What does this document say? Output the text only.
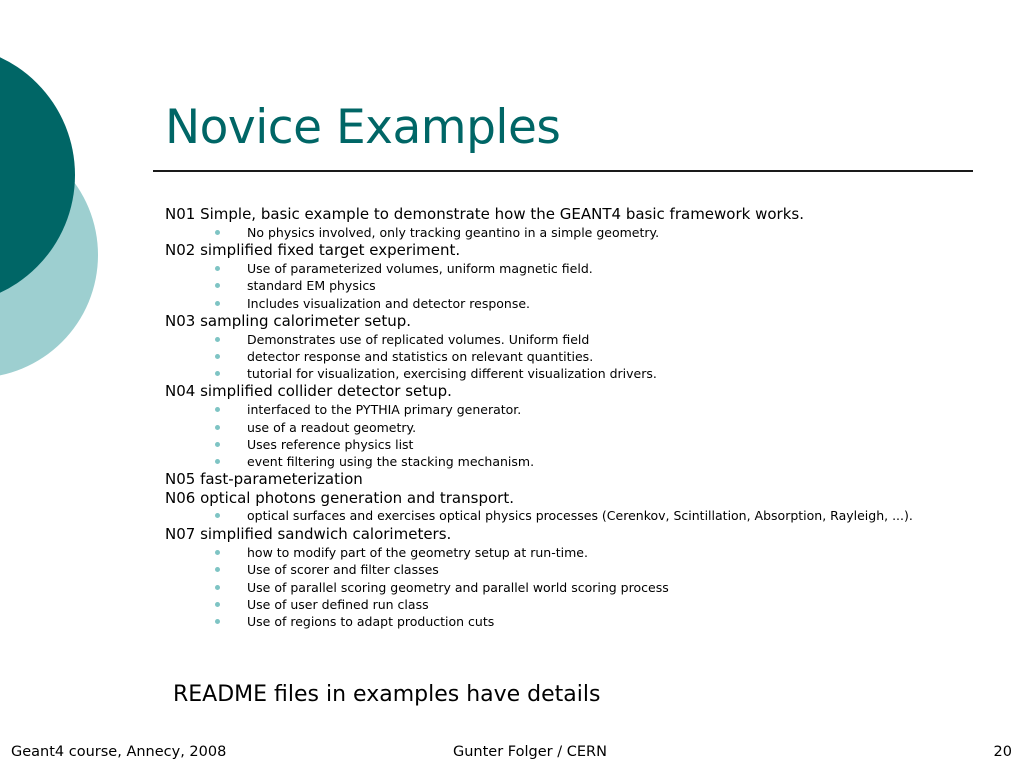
Novice Examples
N01 Simple, basic example to demonstrate how the GEANT4 basic framework works.
No physics involved, only tracking geantino in a simple geometry.
N02 simplified fixed target experiment.
Use of parameterized volumes, uniform magnetic field.
standard EM physics
Includes visualization and detector response.
N03 sampling calorimeter setup.
Demonstrates use of replicated volumes. Uniform field
detector response and statistics on relevant quantities.
tutorial for visualization, exercising different visualization drivers.
N04 simplified collider detector setup.
interfaced to the PYTHIA primary generator.
use of a readout geometry.
Uses reference physics list
event filtering using the stacking mechanism.
N05 fast-parameterization
N06 optical photons generation and transport.
optical surfaces and exercises optical physics processes (Cerenkov, Scintillation, Absorption, Rayleigh, ...).
N07 simplified sandwich calorimeters.
how to modify part of the geometry setup at run-time.
Use of scorer and filter classes
Use of parallel scoring geometry and parallel world scoring process
Use of user defined run class
Use of regions to adapt production cuts

README files in examples have details

Geant4 course, Annecy, 2008	Gunter Folger / CERN	20
